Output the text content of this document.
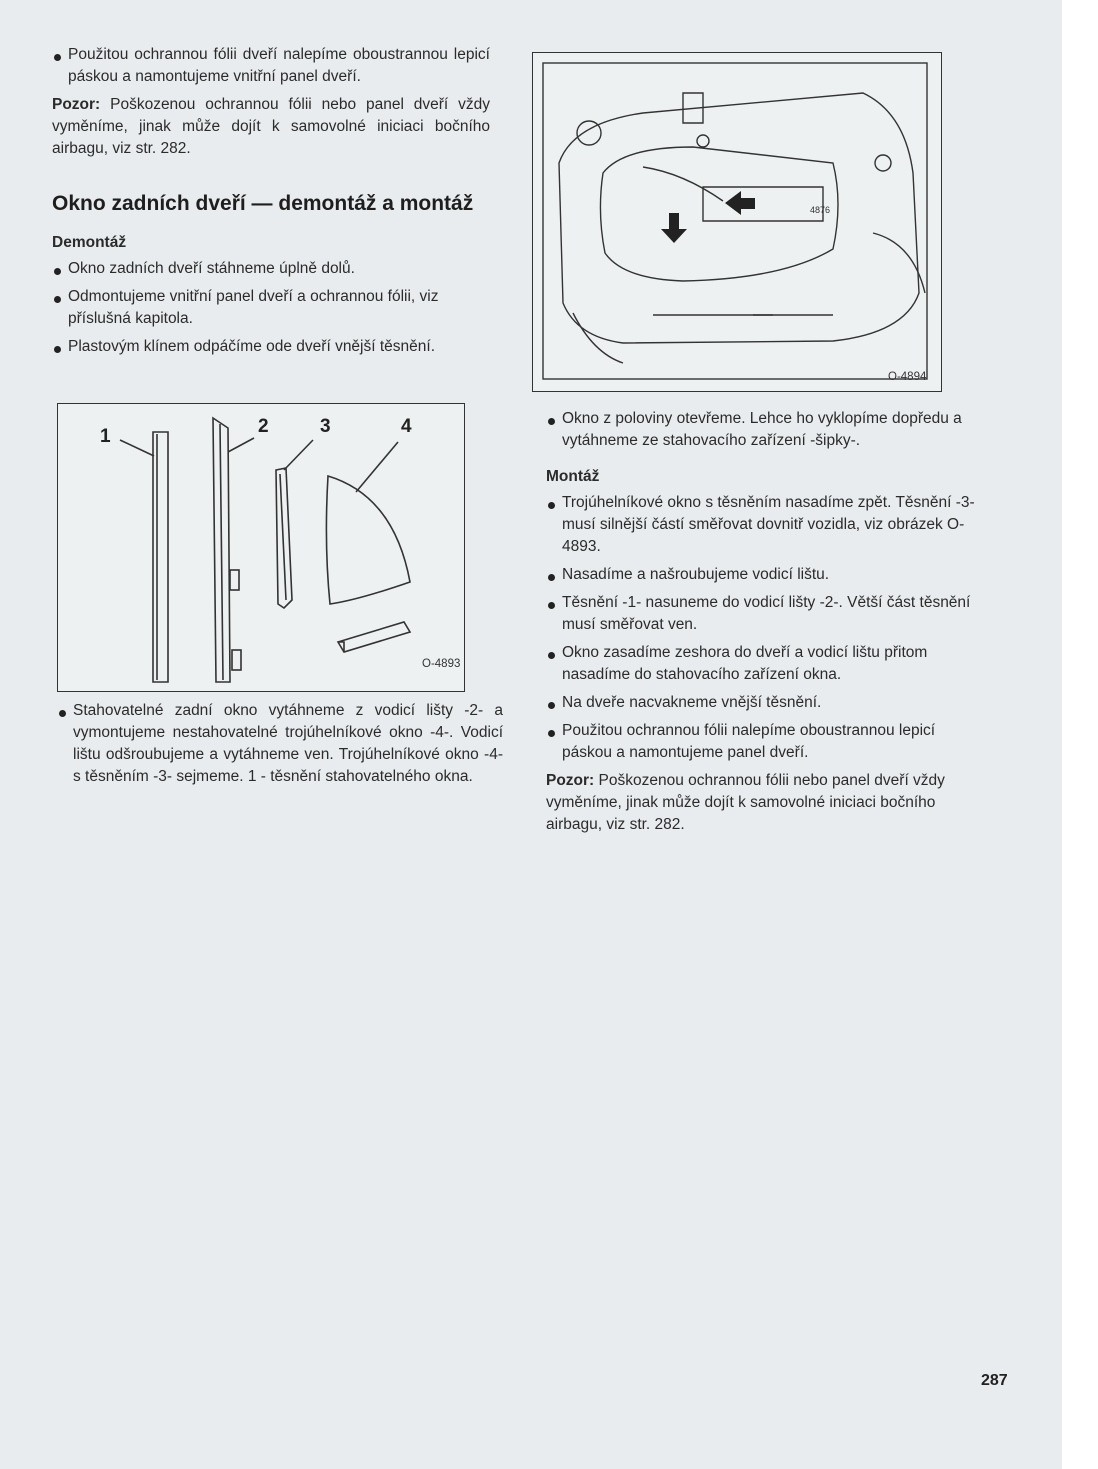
Použitou ochrannou fólii dveří nalepíme oboustrannou lepicí páskou a namontujeme vnitřní panel dveří.

Pozor: Poškozenou ochrannou fólii nebo panel dveří vždy vyměníme, jinak může dojít k samovolné iniciaci bočního airbagu, viz str. 282.

Okno zadních dveří — demontáž a montáž
Demontáž

Okno zadních dveří stáhneme úplně dolů.

Odmontujeme vnitřní panel dveří a ochrannou fólii, viz příslušná kapitola.

Plastovým klínem odpáčíme ode dveří vnější těsnění.

1	2	3	4
O-4893

Stahovatelné zadní okno vytáhneme z vodicí lišty -2- a vymontujeme nestahovatelné trojúhelníkové okno -4-. Vodicí lištu odšroubujeme a vytáhneme ven. Trojúhelníkové okno -4- s těsněním -3- sejmeme. 1 - těsnění stahovatelného okna.

4876
O-4894

Okno z poloviny otevřeme. Lehce ho vyklopíme dopředu a vytáhneme ze stahovacího zařízení -šipky-.

Montáž

Trojúhelníkové okno s těsněním nasadíme zpět. Těsnění -3- musí silnější částí směřovat dovnitř vozidla, viz obrázek O-4893.

Nasadíme a našroubujeme vodicí lištu.

Těsnění -1- nasuneme do vodicí lišty -2-. Větší část těsnění musí směřovat ven.

Okno zasadíme zeshora do dveří a vodicí lištu přitom nasadíme do stahovacího zařízení okna.

Na dveře nacvakneme vnější těsnění.

Použitou ochrannou fólii nalepíme oboustrannou lepicí páskou a namontujeme panel dveří.

Pozor: Poškozenou ochrannou fólii nebo panel dveří vždy vyměníme, jinak může dojít k samovolné iniciaci bočního airbagu, viz str. 282.

287
